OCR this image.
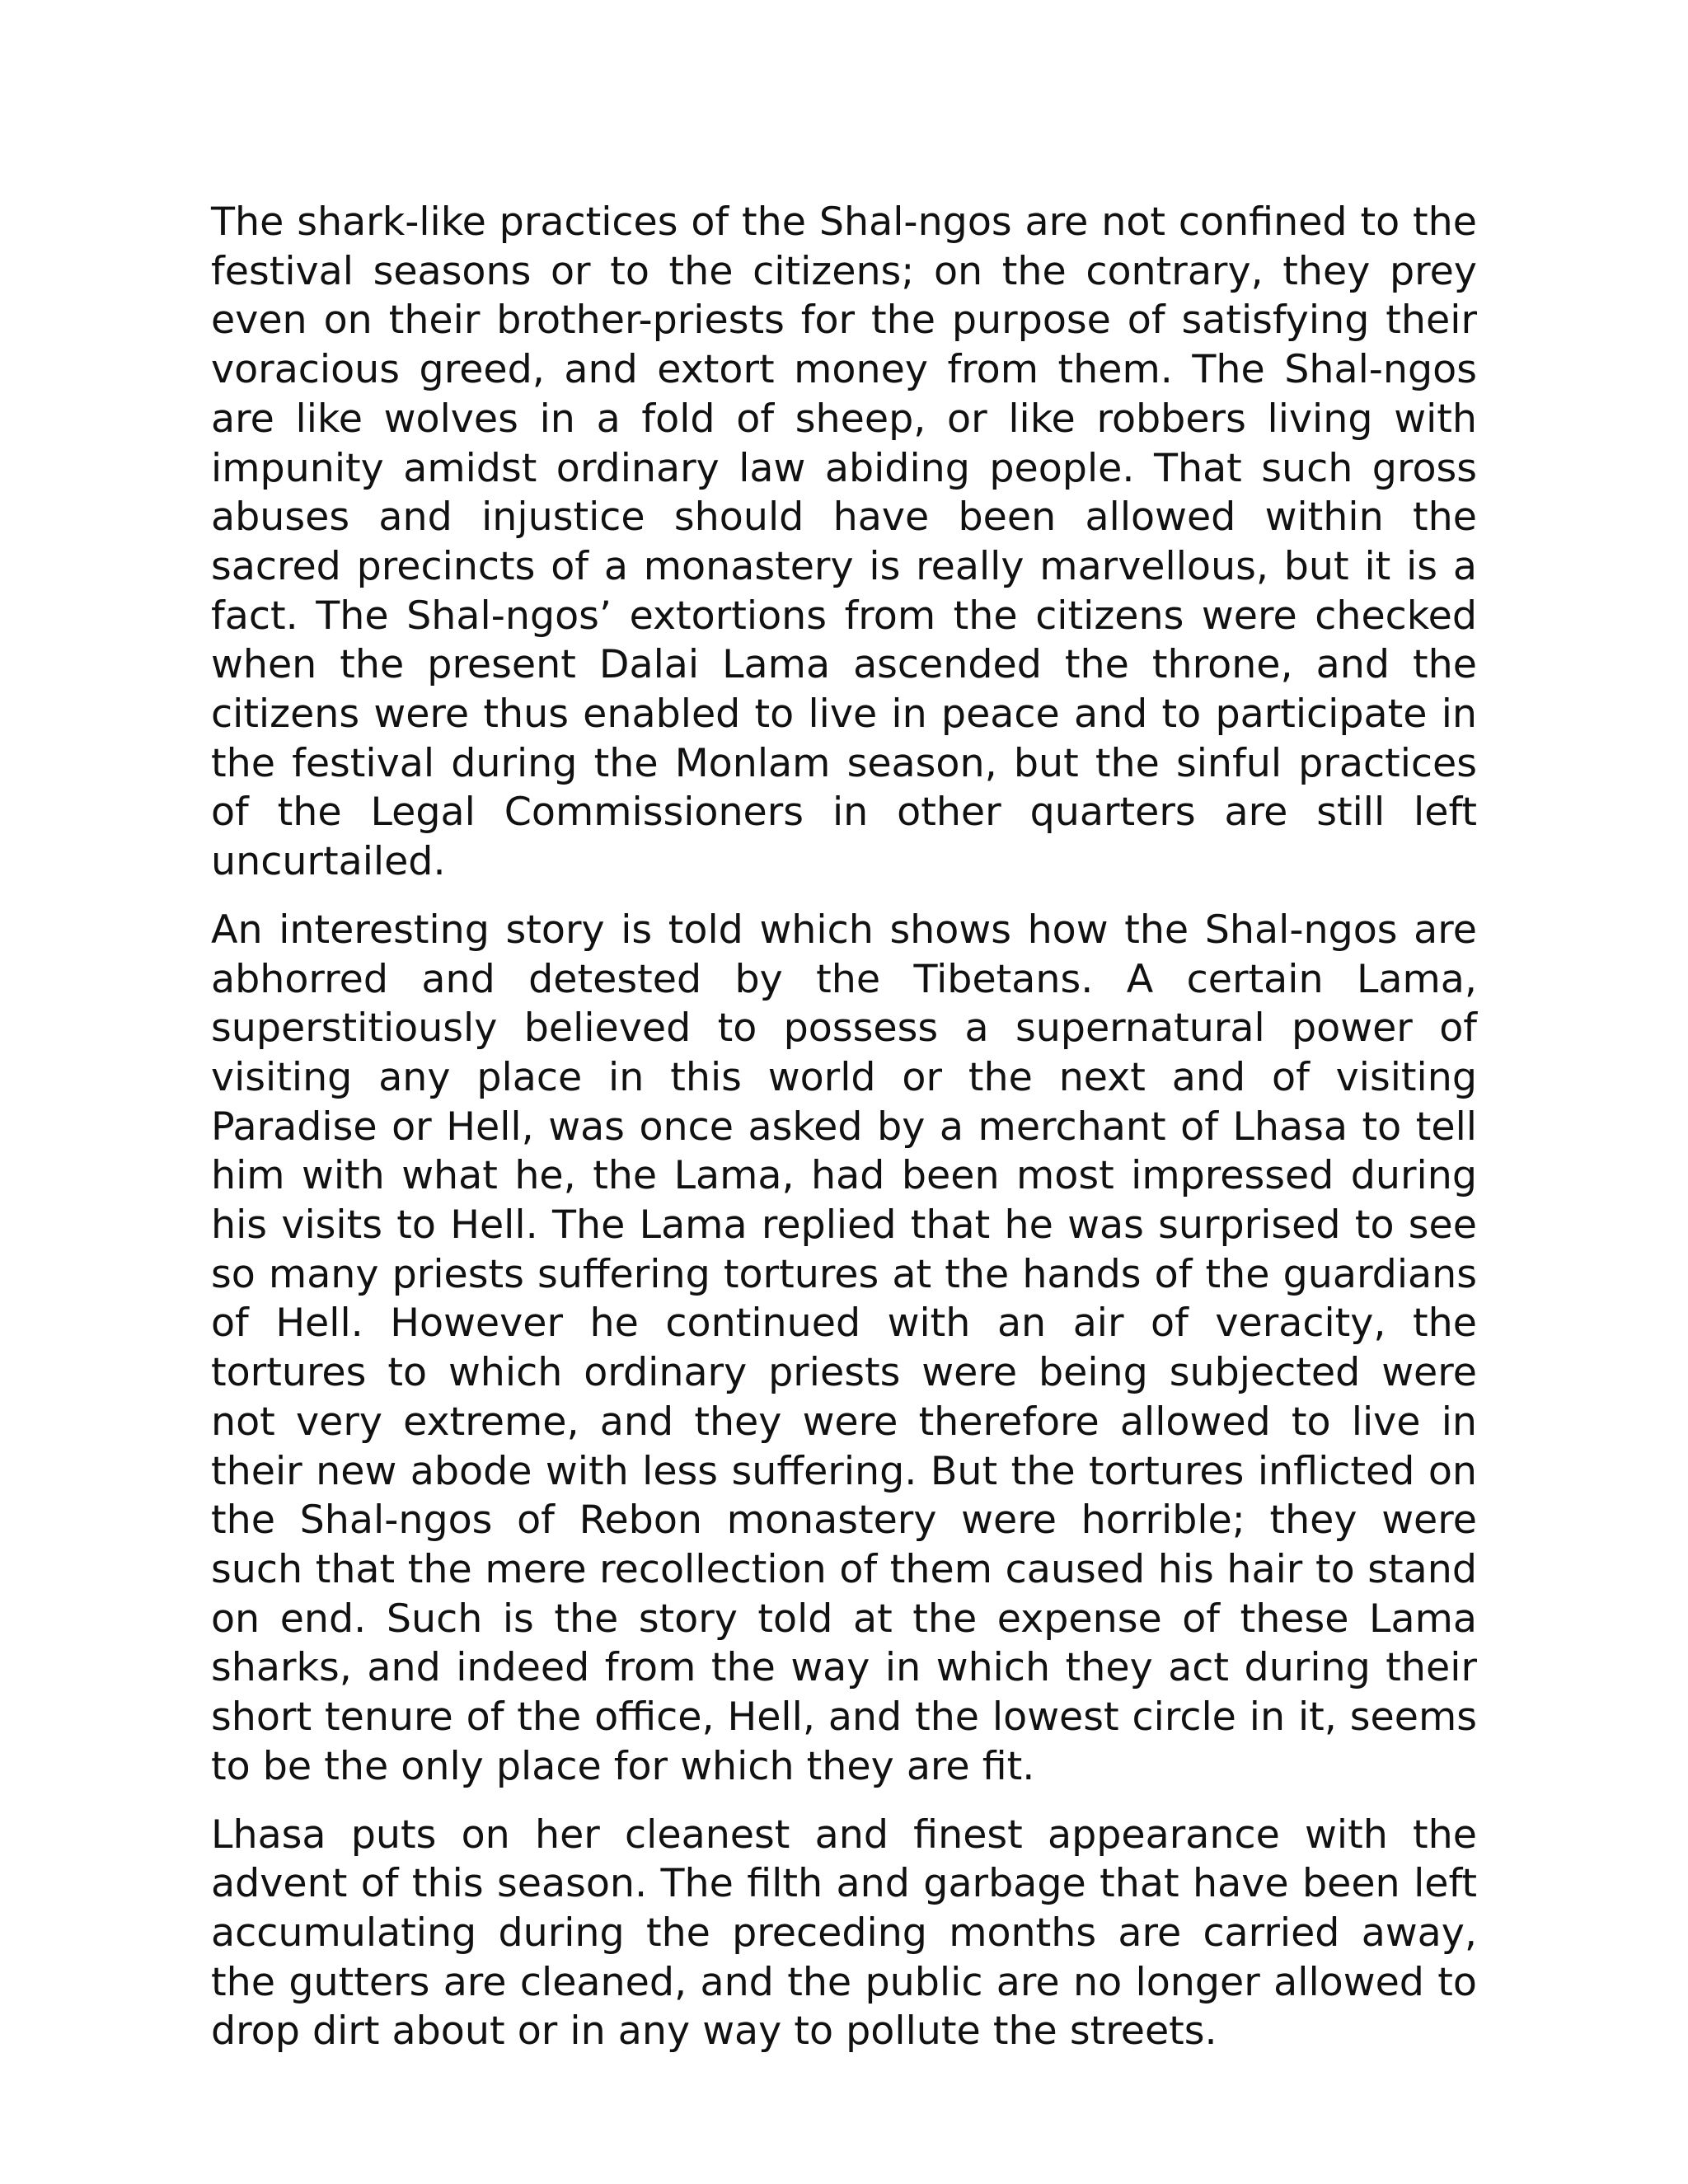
The shark-like practices of the Shal-ngos are not confined to the festival seasons or to the citizens; on the contrary, they prey even on their brother-priests for the purpose of satisfying their voracious greed, and extort money from them. The Shal-ngos are like wolves in a fold of sheep, or like robbers living with impunity amidst ordinary law abiding people. That such gross abuses and injustice should have been allowed within the sacred precincts of a monastery is really marvellous, but it is a fact. The Shal-ngos’ extortions from the citizens were checked when the present Dalai Lama ascended the throne, and the citizens were thus enabled to live in peace and to participate in the festival during the Monlam season, but the sinful practices of the Legal Commissioners in other quarters are still left uncurtailed.

An interesting story is told which shows how the Shal-ngos are abhorred and detested by the Tibetans. A certain Lama, superstitiously believed to possess a supernatural power of visiting any place in this world or the next and of visiting Paradise or Hell, was once asked by a merchant of Lhasa to tell him with what he, the Lama, had been most impressed during his visits to Hell. The Lama replied that he was surprised to see so many priests suffering tortures at the hands of the guardians of Hell. However he continued with an air of veracity, the tortures to which ordinary priests were being subjected were not very extreme, and they were therefore allowed to live in their new abode with less suffering. But the tortures inflicted on the Shal-ngos of Rebon monastery were horrible; they were such that the mere recollection of them caused his hair to stand on end. Such is the story told at the expense of these Lama sharks, and indeed from the way in which they act during their short tenure of the office, Hell, and the lowest circle in it, seems to be the only place for which they are fit.

Lhasa puts on her cleanest and finest appearance with the advent of this season. The filth and garbage that have been left accumulating during the preceding months are carried away, the gutters are cleaned, and the public are no longer allowed to drop dirt about or in any way to pollute the streets.
